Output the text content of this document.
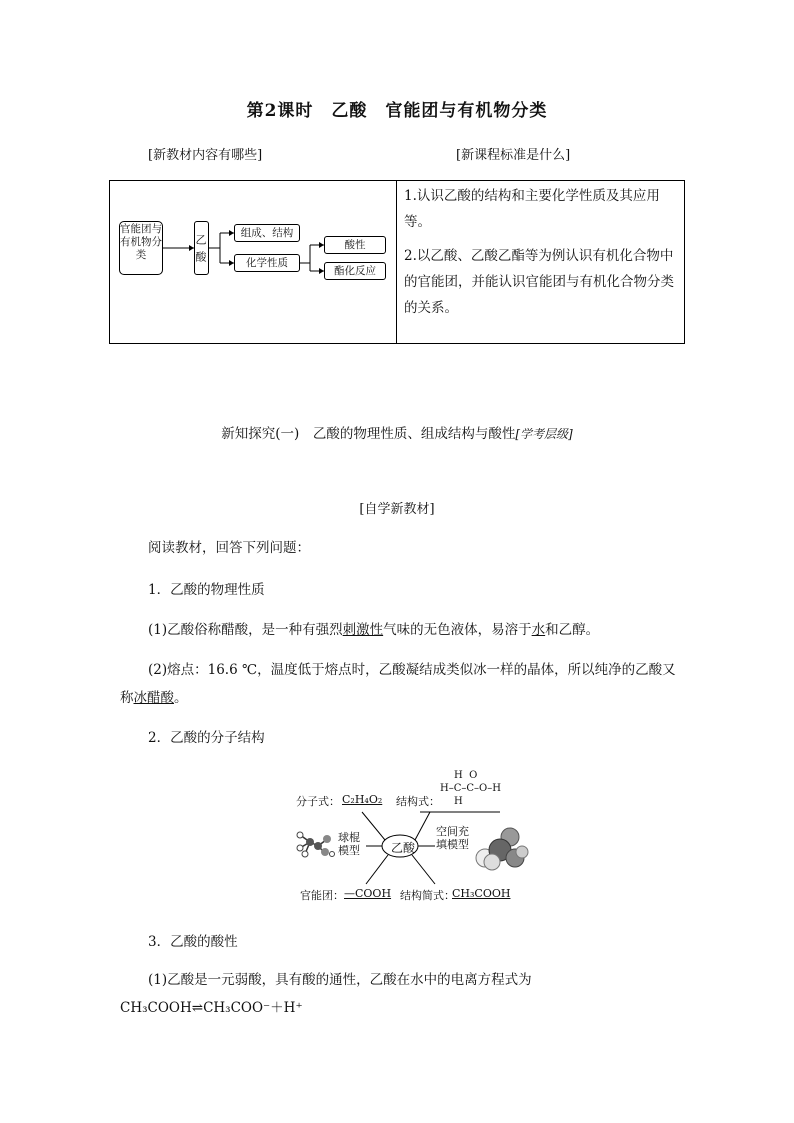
第2课时　乙酸　官能团与有机物分类
[新教材内容有哪些]	[新课程标准是什么]
官能团与有机物分类	乙酸
组成、结构
化学性质
酸性
酯化反应

1.认识乙酸的结构和主要化学性质及其应用等。

2.以乙酸、乙酸乙酯等为例认识有机化合物中的官能团，并能认识官能团与有机化合物分类的关系。

新知探究(一)　乙酸的物理性质、组成结构与酸性[学考层级]
[自学新教材]
阅读教材，回答下列问题：
1．乙酸的物理性质
(1)乙酸俗称醋酸，是一种有强烈刺激性气味的无色液体，易溶于水和乙醇。
(2)熔点：16.6 ℃，温度低于熔点时，乙酸凝结成类似冰一样的晶体，所以纯净的乙酸又称冰醋酸。
2．乙酸的分子结构
乙酸
分子式： C₂H₄O₂ 结构式：
H  O
H–C–C–O–H
H
球棍模型
空间充填模型
官能团： —COOH 结构简式：
CH₃COOH
3．乙酸的酸性
(1)乙酸是一元弱酸，具有酸的通性，乙酸在水中的电离方程式为 CH₃COOH⇌CH₃COO⁻＋H⁺
